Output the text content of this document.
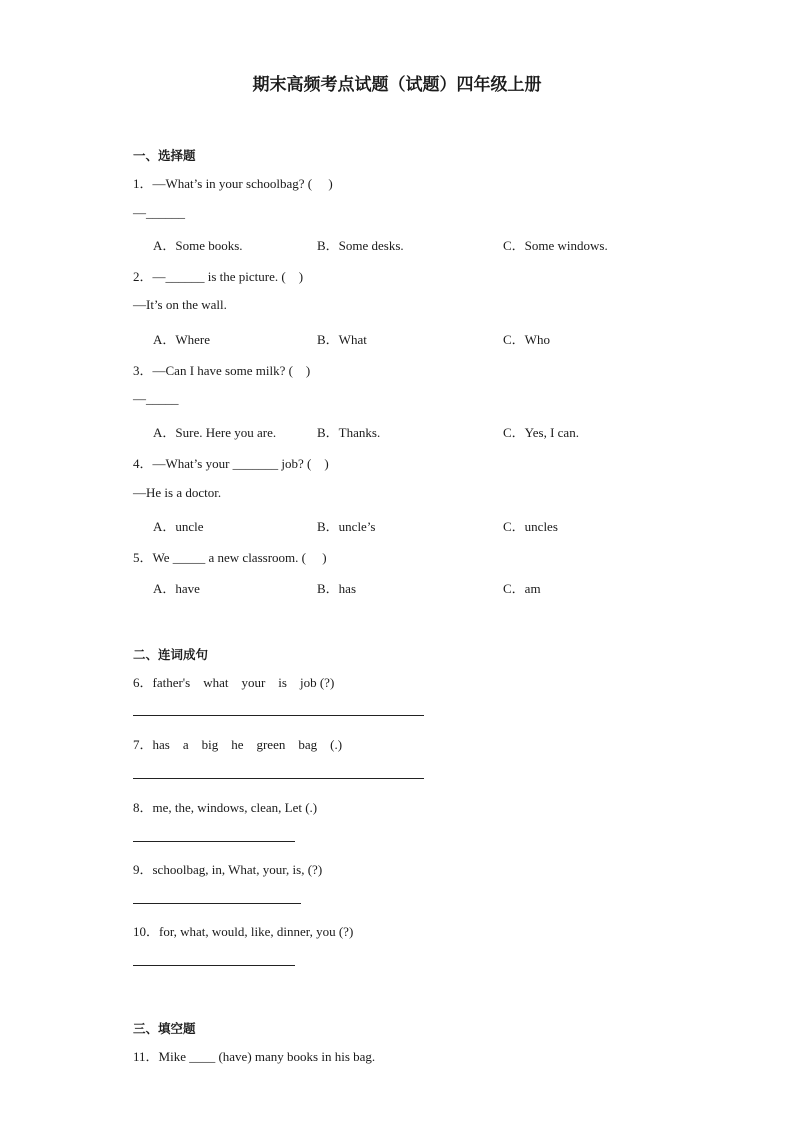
期末高频考点试题（试题）四年级上册
一、选择题
1．—What’s in your schoolbag? (　 )
—______
A．Some books.	B．Some desks.	C．Some windows.
2．—______ is the picture. (　)
—It’s on the wall.
A．Where	B．What	C．Who
3．—Can I have some milk? (　)
—_____
A．Sure. Here you are.	B．Thanks.	C．Yes, I can.
4．—What’s your _______ job? (　)
—He is a doctor.
A．uncle	B．uncle’s	C．uncles
5．We _____ a new classroom. (　 )
A．have	B．has	C．am
二、连词成句
6．father's　what　your　is　job (?)
7．has　a　big　he　green　bag　(.)
8．me, the, windows, clean, Let (.)
9．schoolbag, in, What, your, is, (?)
10．for, what, would, like, dinner, you (?)
三、填空题
11．Mike ____ (have) many books in his bag.
